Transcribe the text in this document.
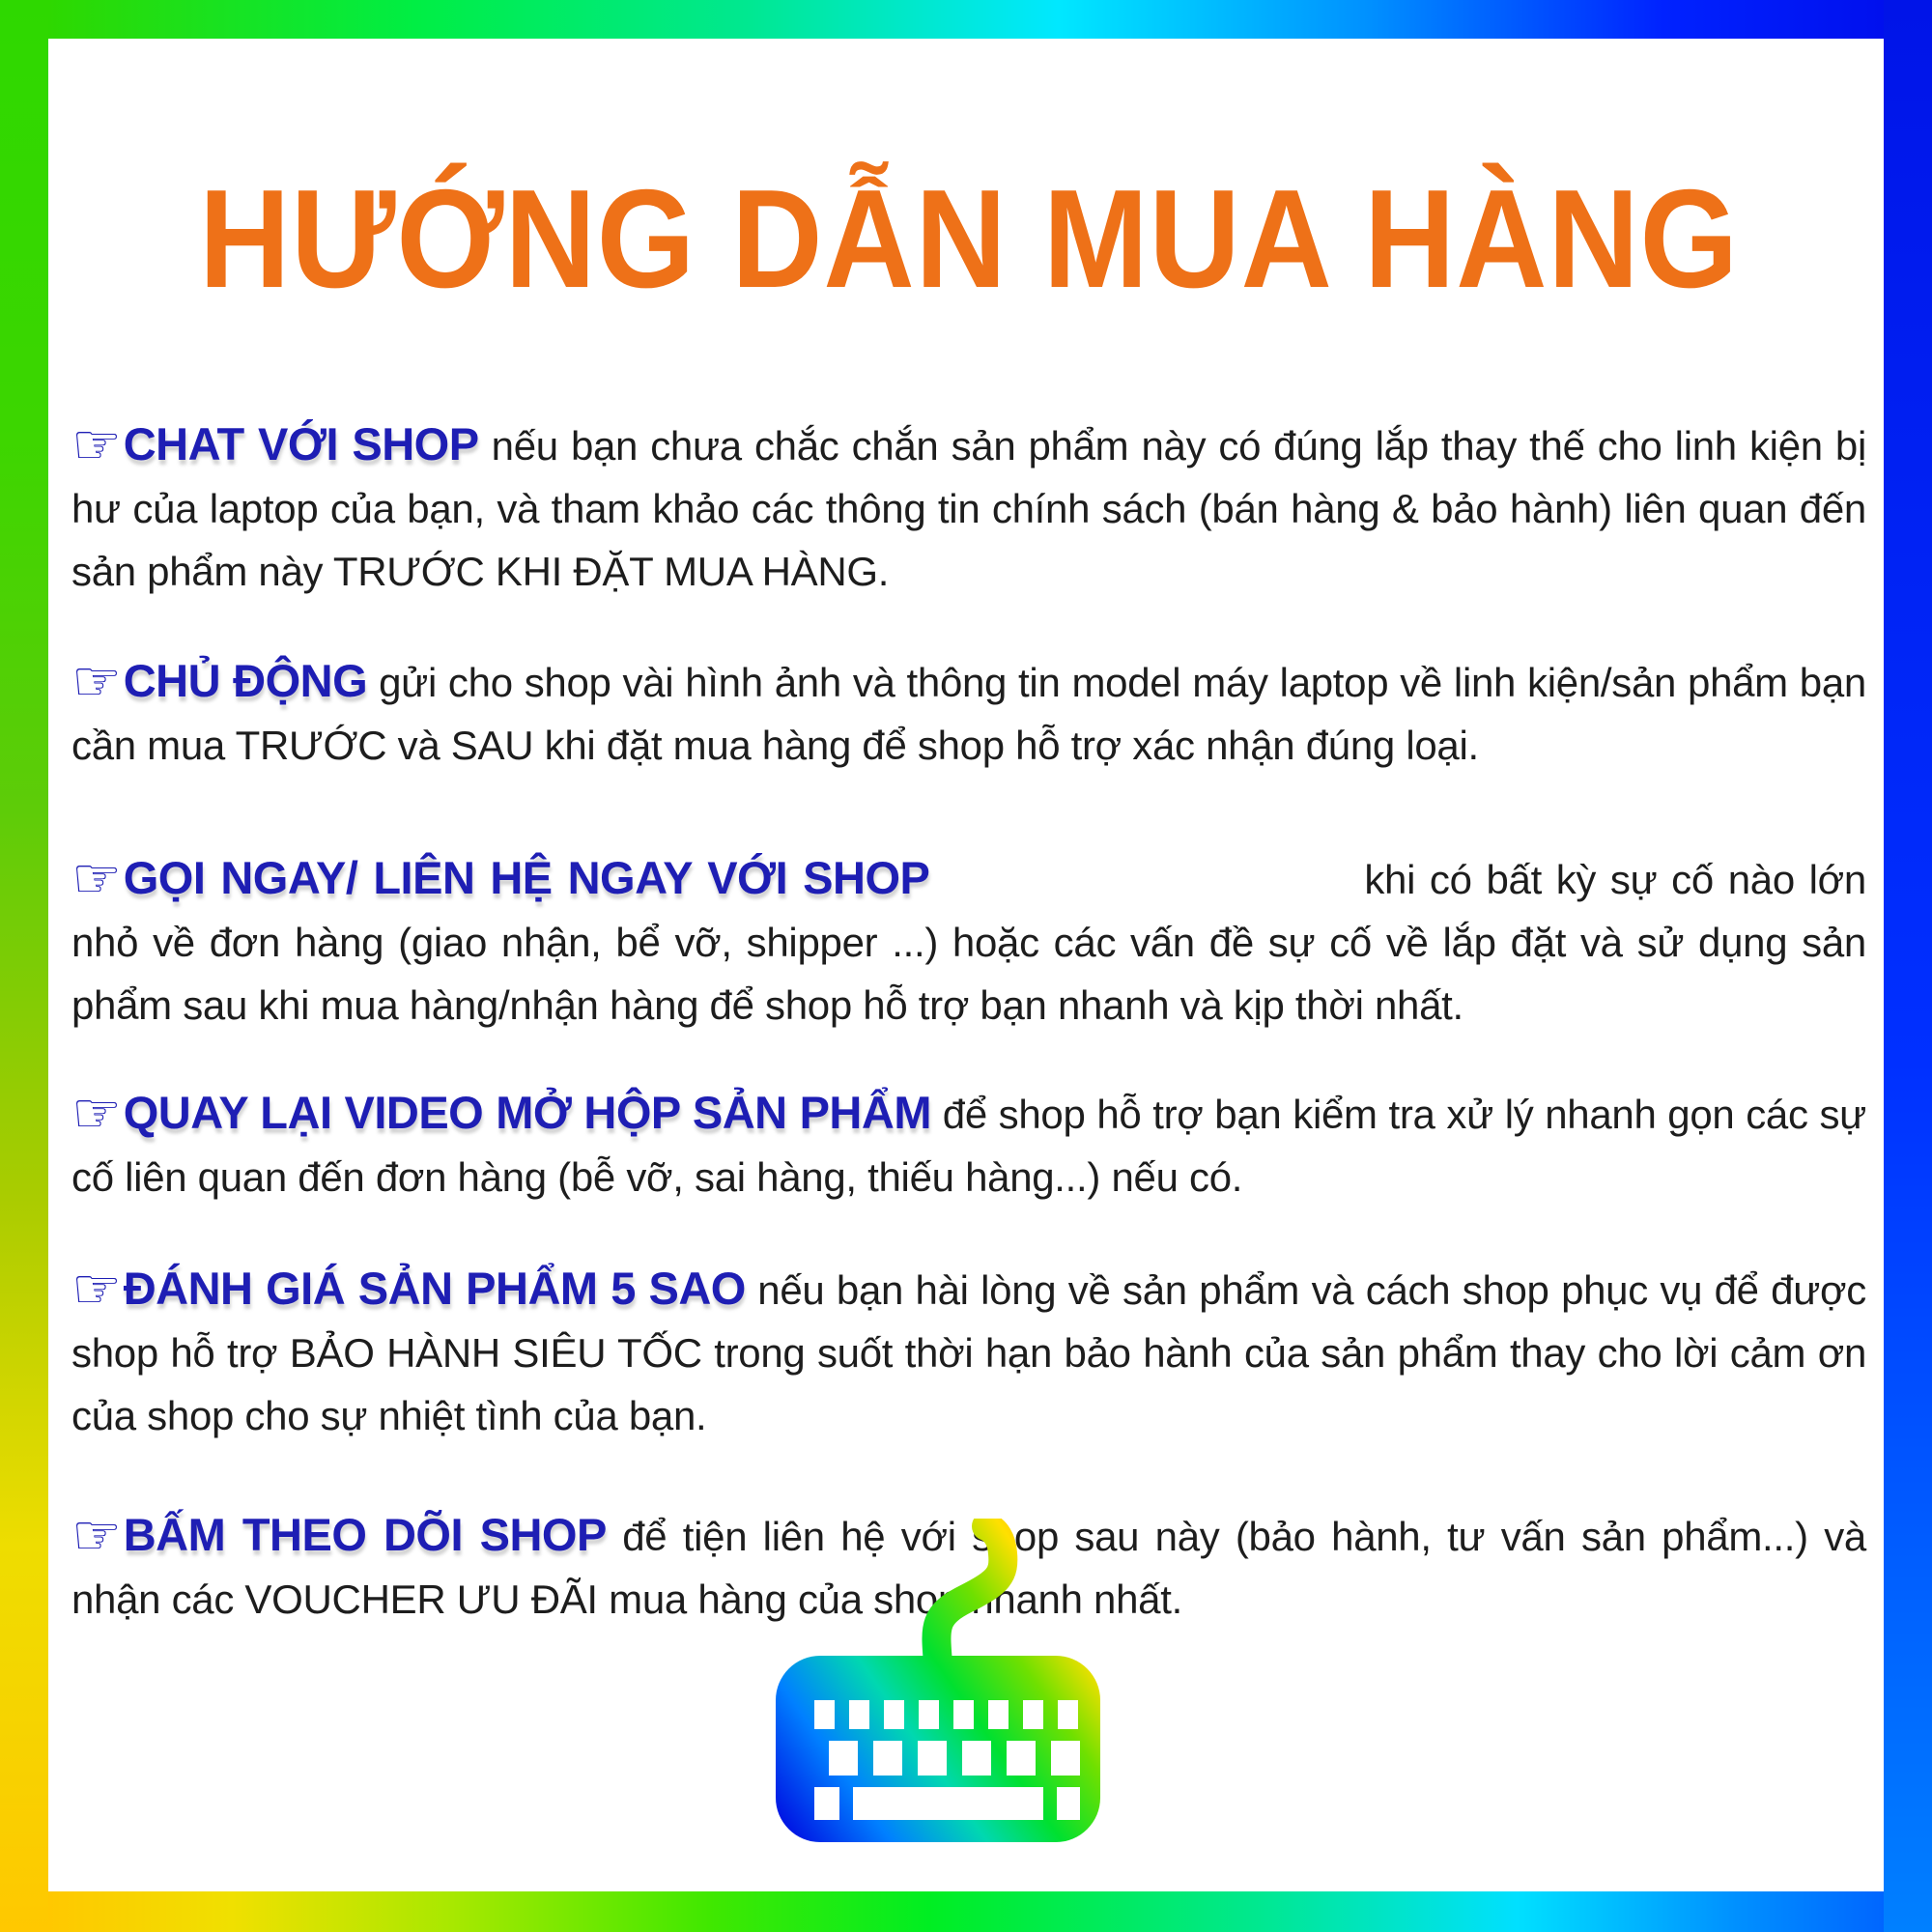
HƯỚNG DẪN MUA HÀNG

☞CHAT VỚI SHOP nếu bạn chưa chắc chắn sản phẩm này có đúng lắp thay thế cho linh kiện bị hư của laptop của bạn, và tham khảo các thông tin chính sách (bán hàng & bảo hành) liên quan đến sản phẩm này TRƯỚC KHI ĐẶT MUA HÀNG.

☞CHỦ ĐỘNG gửi cho shop vài hình ảnh và thông tin model máy laptop về linh kiện/sản phẩm bạn cần mua TRƯỚC và SAU khi đặt mua hàng để shop hỗ trợ xác nhận đúng loại.

☞GỌI NGAY/ LIÊN HỆ NGAY VỚI SHOP	khi có bất kỳ sự cố nào lớn nhỏ về đơn hàng (giao nhận, bể vỡ, shipper ...) hoặc các vấn đề sự cố về lắp đặt và sử dụng sản phẩm sau khi mua hàng/nhận hàng để shop hỗ trợ bạn nhanh và kịp thời nhất.

☞QUAY LẠI VIDEO MỞ HỘP SẢN PHẨM để shop hỗ trợ bạn kiểm tra xử lý nhanh gọn các sự cố liên quan đến đơn hàng (bễ vỡ, sai hàng, thiếu hàng...) nếu có.

☞ĐÁNH GIÁ SẢN PHẨM 5 SAO nếu bạn hài lòng về sản phẩm và cách shop phục vụ để được shop hỗ trợ BẢO HÀNH SIÊU TỐC trong suốt thời hạn bảo hành của sản phẩm thay cho lời cảm ơn của shop cho sự nhiệt tình của bạn.

☞BẤM THEO DÕI SHOP để tiện liên hệ với shop sau này (bảo hành, tư vấn sản phẩm...) và nhận các VOUCHER ƯU ĐÃI mua hàng của shop nhanh nhất.
